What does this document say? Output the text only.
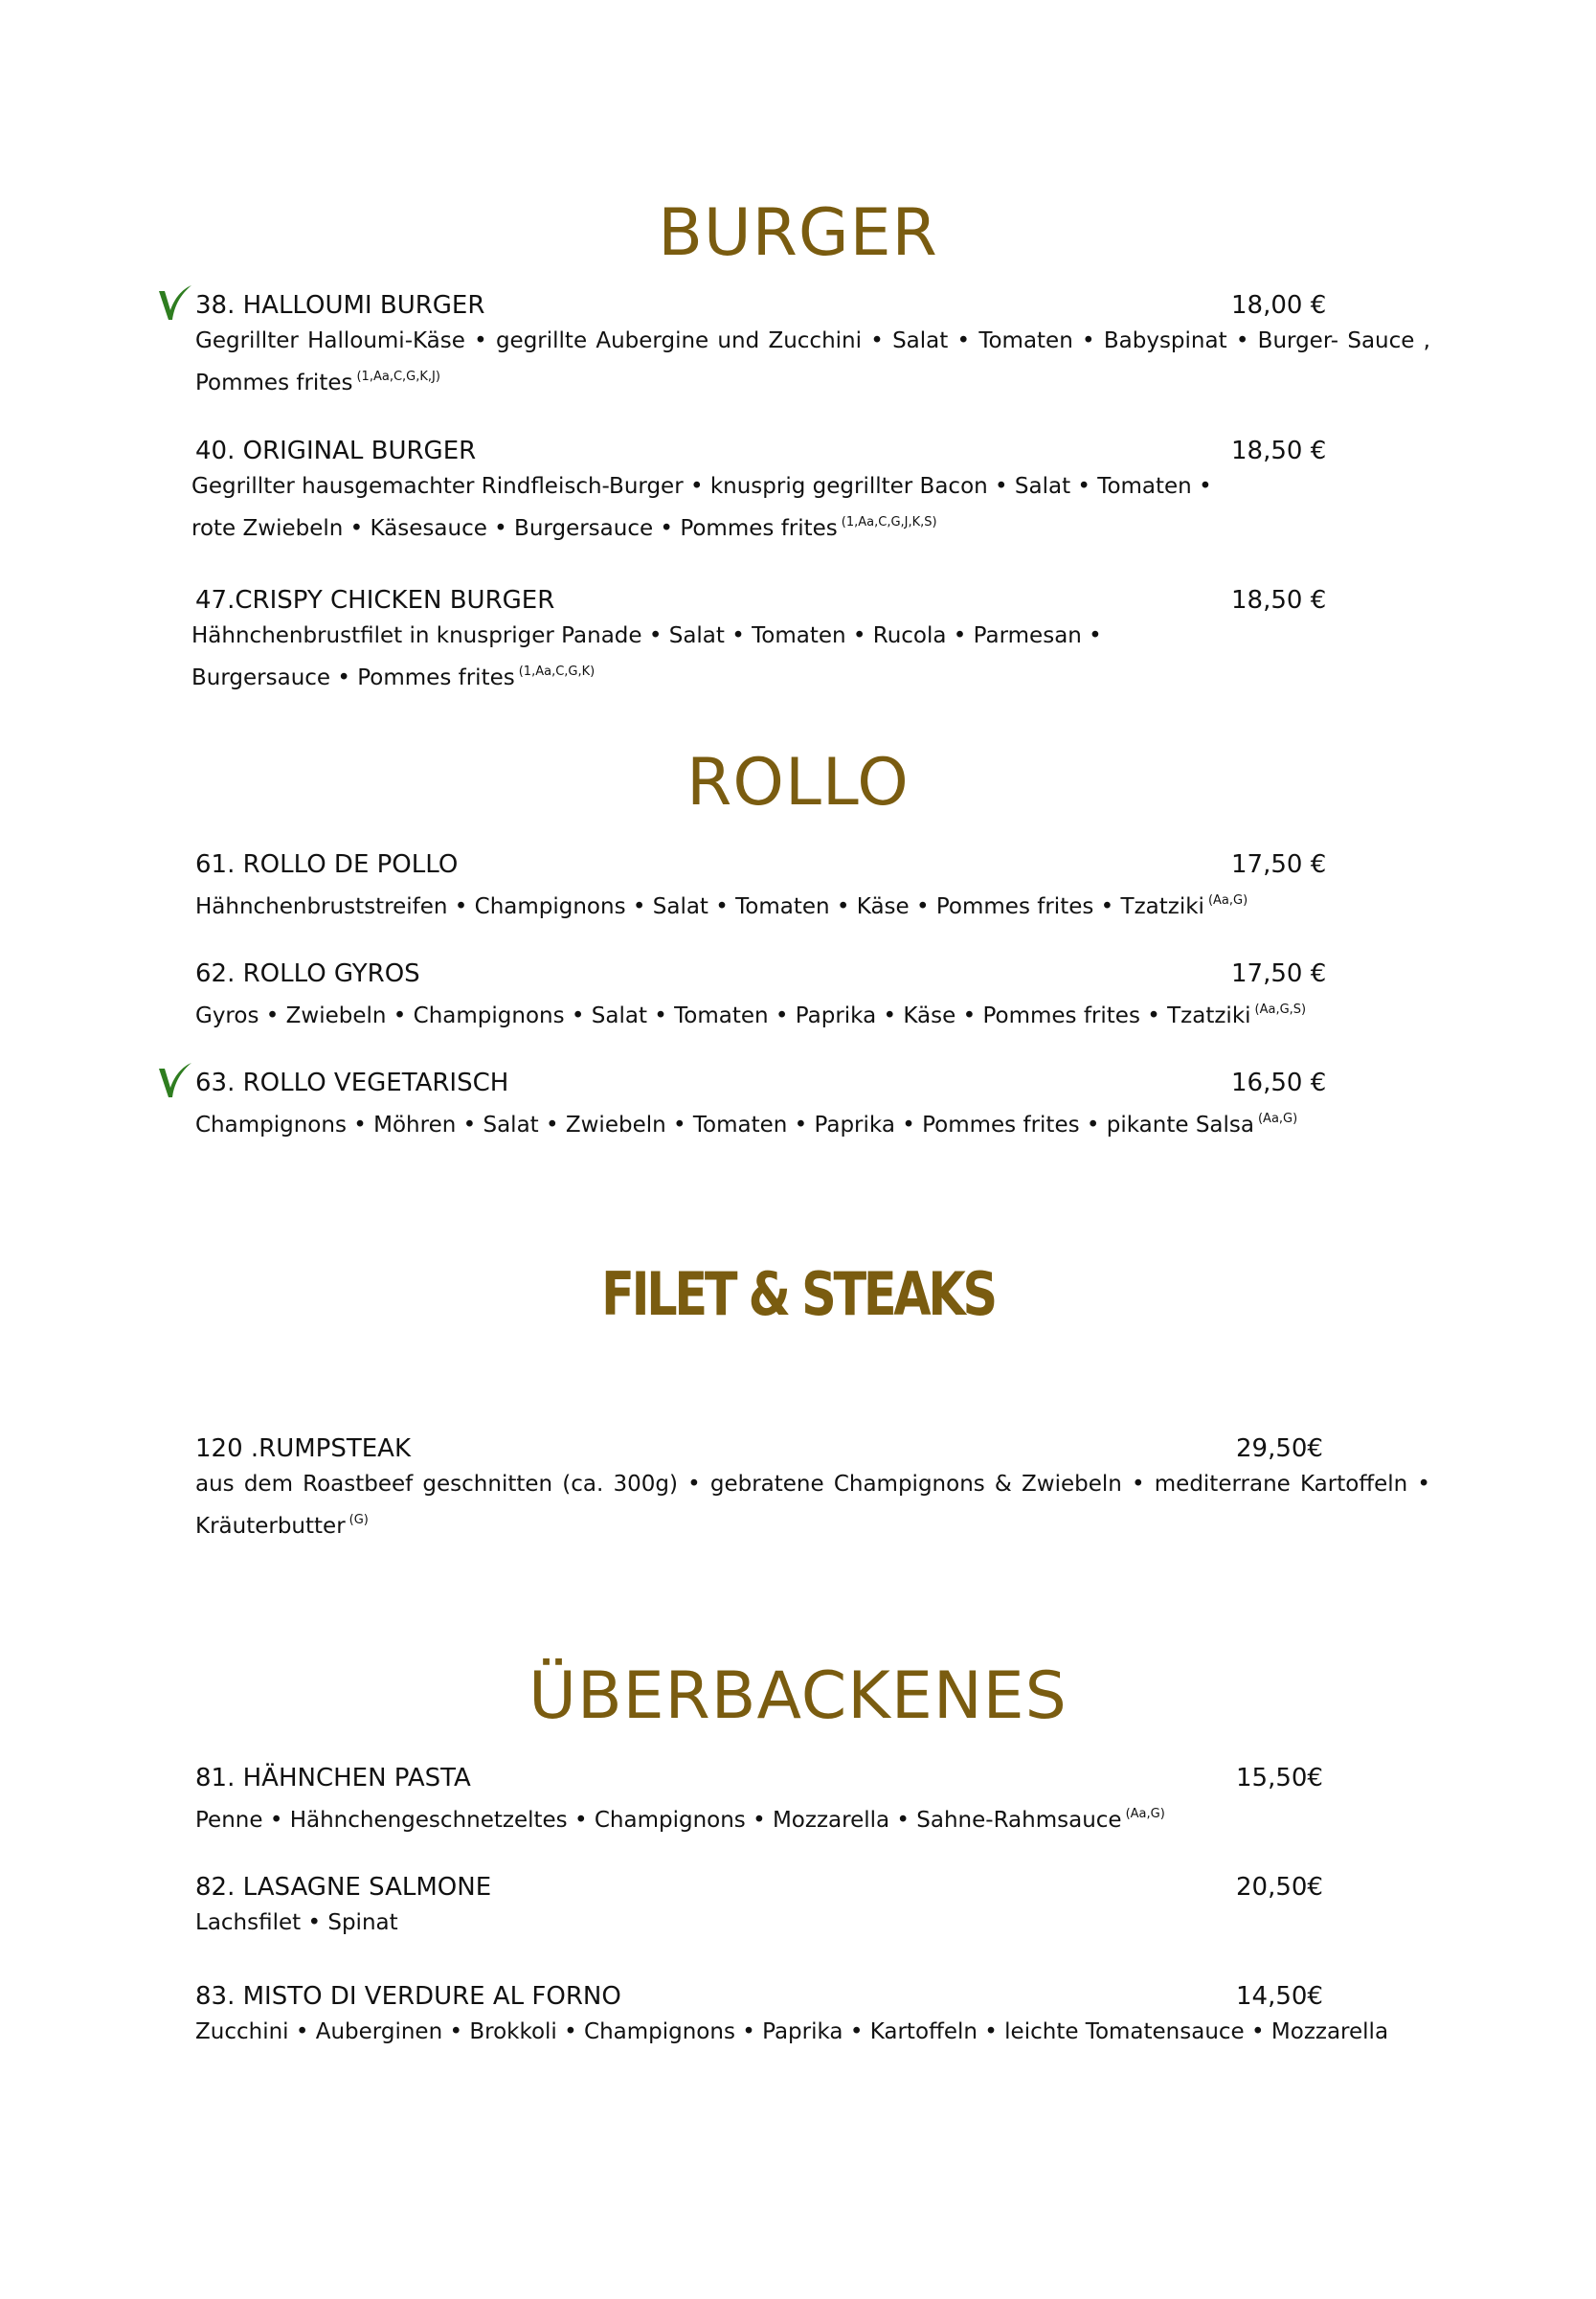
BURGER
38. HALLOUMI BURGER	18,00 €
Gegrillter Halloumi-Käse • gegrillte Aubergine und Zucchini • Salat • Tomaten • Babyspinat • Burger- Sauce , Pommes frites $^{(1,Aa,C,G,K,J)}$
40. ORIGINAL BURGER	18,50 €
Gegrillter hausgemachter Rindfleisch-Burger • knusprig gegrillter Bacon • Salat • Tomaten • rote Zwiebeln • Käsesauce • Burgersauce • Pommes frites $^{(1,Aa,C,G,J,K,S)}$
47.CRISPY CHICKEN BURGER	18,50 €
Hähnchenbrustfilet in knuspriger Panade • Salat • Tomaten • Rucola • Parmesan • Burgersauce • Pommes frites $^{(1,Aa,C,G,K)}$
ROLLO
61. ROLLO DE POLLO	17,50 €
Hähnchenbruststreifen • Champignons • Salat • Tomaten • Käse • Pommes frites • Tzatziki $^{(Aa,G)}$
62. ROLLO GYROS	17,50 €
Gyros • Zwiebeln • Champignons • Salat • Tomaten • Paprika • Käse • Pommes frites • Tzatziki $^{(Aa,G,S)}$
63. ROLLO VEGETARISCH	16,50 €
Champignons • Möhren • Salat • Zwiebeln • Tomaten • Paprika • Pommes frites • pikante Salsa $^{(Aa,G)}$
FILET & STEAKS
120 .RUMPSTEAK	29,50€
aus dem Roastbeef geschnitten (ca. 300g) • gebratene Champignons & Zwiebeln • mediterrane Kartoffeln • Kräuterbutter $^{(G)}$
ÜBERBACKENES
81. HÄHNCHEN PASTA	15,50€
Penne • Hähnchengeschnetzeltes • Champignons • Mozzarella • Sahne-Rahmsauce $^{(Aa,G)}$
82. LASAGNE SALMONE	20,50€
Lachsfilet • Spinat
83. MISTO DI VERDURE AL FORNO	14,50€
Zucchini • Auberginen • Brokkoli • Champignons • Paprika • Kartoffeln • leichte Tomatensauce • Mozzarella
